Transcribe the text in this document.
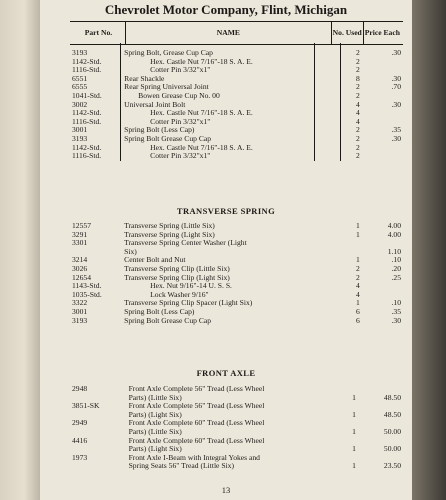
Chevrolet Motor Company, Flint, Michigan
Part No.	NAME	No. Used	Price Each
3193	Spring Bolt, Grease Cup Cap	2	.30
1142-Std.	Hex. Castle Nut 7/16"-18 S. A. E.	2	
1116-Std.	Cotter Pin 3/32"x1"	2	
6551	Rear Shackle	8	.30
6555	Rear Spring Universal Joint	2	.70
1041-Std.	Bowen Grease Cup No. 00	2	
3002	Universal Joint Bolt	4	.30
1142-Std.	Hex. Castle Nut 7/16"-18 S. A. E.	4	
1116-Std.	Cotter Pin 3/32"x1"	4	
3001	Spring Bolt (Less Cap)	2	.35
3193	Spring Bolt Grease Cup Cap	2	.30
1142-Std.	Hex. Castle Nut 7/16"-18 S. A. E.	2	
1116-Std.	Cotter Pin 3/32"x1"	2	
TRANSVERSE SPRING
12557	Transverse Spring (Little Six)	1	4.00
3291	Transverse Spring (Light Six)	1	4.00
3301	Transverse Spring Center Washer (Light		
	Six)		1.10
3214	Center Bolt and Nut	1	.10
3026	Transverse Spring Clip (Little Six)	2	.20
12654	Transverse Spring Clip (Light Six)	2	.25
1143-Std.	Hex. Nut 9/16"-14 U. S. S.	4	
1035-Std.	Lock Washer 9/16"	4	
3322	Transverse Spring Clip Spacer (Light Six)	1	.10
3001	Spring Bolt (Less Cap)	6	.35
3193	Spring Bolt Grease Cup Cap	6	.30
FRONT AXLE
2948	Front Axle Complete 56" Tread (Less Wheel		
	Parts) (Little Six)	1	48.50
3851-SK	Front Axle Complete 56" Tread (Less Wheel		
	Parts) (Light Six)	1	48.50
2949	Front Axle Complete 60" Tread (Less Wheel		
	Parts) (Little Six)	1	50.00
4416	Front Axle Complete 60" Tread (Less Wheel		
	Parts) (Light Six)	1	50.00
1973	Front Axle I-Beam with Integral Yokes and		
	Spring Seats 56" Tread (Little Six)	1	23.50
13
